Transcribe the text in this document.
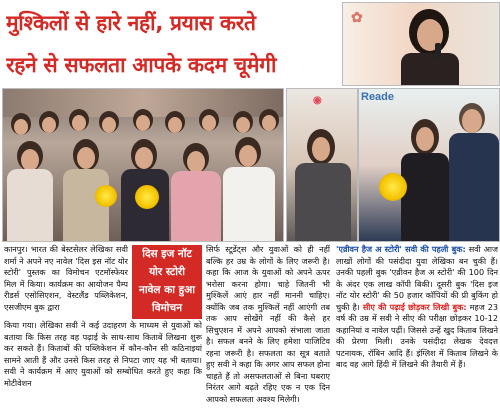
मुश्किलों से हारे नहीं, प्रयास करते
रहने से सफलता आपके कदम चूमेगी
✿
◉	Reade
दिस इज नॉट
योर स्टोरी
नावेल का हुआ
विमोचन
कानपुर। भारत की बेस्टसेलर लेखिका सवी शर्मा ने अपने नए नावेल 'दिस इस नॉट योर स्टोरी' पुस्तक का विमोचन एटमॉस्फेयर मिल में किया। कार्यक्रम का आयोजन पैम्प रीडर्स एसोसिएशन, वेस्टलैंड पब्लिकेशन, एसजीएम बुक द्वारा
किया गया। लेखिका सवी ने कई उदाहरण के माध्यम से युवाओं को बताया कि किस तरह वह पढ़ाई के साथ-साथ किताबें लिखना शुरू कर सकते हैं। किताबों की पब्लिकेशन में कौन-कौन सी कठिनाइयां सामने आती हैं और उनसे किस तरह से निपटा जाए यह भी बताया। सवी ने कार्यक्रम में आए युवाओं को सम्बोधित करते हुए कहा कि मोटीवेशन
सिर्फ स्टूडेंट्स और युवाओं को ही नहीं बल्कि हर उम्र के लोगों के लिए जरूरी है। कहा कि आज के युवाओं को अपने ऊपर भरोसा करना होगा। चाहे जितनी भी मुश्किलें आएं हार नहीं माननी चाहिए। क्योंकि जब तक मुश्किलें नहीं आएंगी तब तक आप सोखेंगे नहीं की कैसे हर सिचुएशन में अपने आपको संभाला जाता है। सफल बनने के लिए हमेशा पाजिटिव रहना जरूरी है। सफलता का सूत्र बताते हुए सवी ने कहा कि अगर आप सफल होना चाहते हैं तो असफलताओं से बिना घबराए निरंतर आगे बढ़ते रहिए एक न एक दिन आपको सफलता अवश्य मिलेगी।
'एव्रीवन हैज अ स्टोरी' सवी की पहली बुक: सवी आज लाखों लोगों की पसंदीदा युवा लेखिका बन चुकी हैं। उनकी पहली बुक 'एव्रीवन हैज अ स्टोरी' की 100 दिन के अंदर एक लाख कॉपी बिकी। दूसरी बुक 'दिस इज नॉट योर स्टोरी' की 50 हजार कॉपियों की प्री बुकिंग हो चुकी है। सीए की पढ़ाई छोड़कर लिखी बुक: महज 23 वर्ष की उम्र में सवी ने सीए की परीक्षा छोड़कर 10-12 कहानियां व नावेल पढ़ीं। जिससे उन्हें खुद किताब लिखने की प्रेरणा मिली। उनके पसंदीदा लेखक देवदत्त पटनायक, रॉबिन आदि हैं। इंग्लिश में किताब लिखने के बाद वह आगे हिंदी में लिखने की तैयारी में हैं।
